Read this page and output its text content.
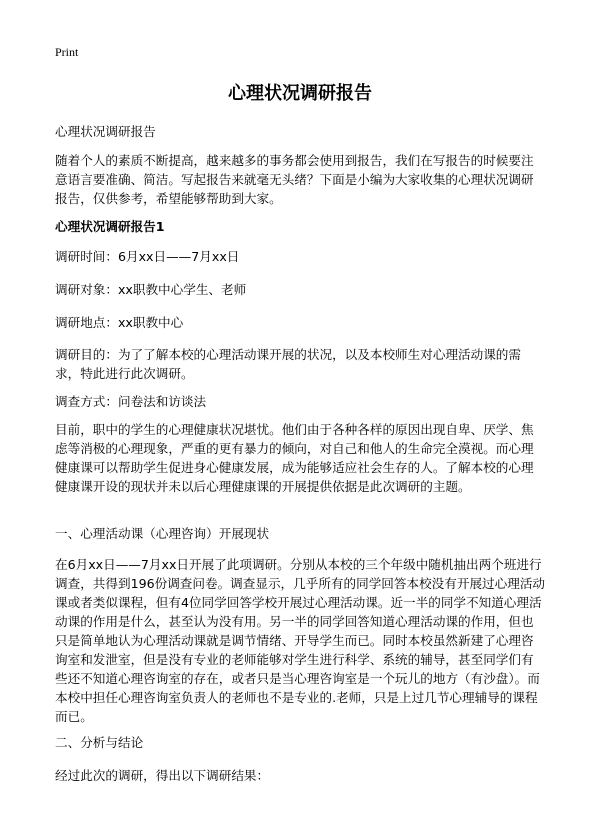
Print
心理状况调研报告

心理状况调研报告

随着个人的素质不断提高，越来越多的事务都会使用到报告，我们在写报告的时候要注意语言要准确、简洁。写起报告来就毫无头绪？下面是小编为大家收集的心理状况调研报告，仅供参考，希望能够帮助到大家。

心理状况调研报告1

调研时间：6月xx日——7月xx日

调研对象：xx职教中心学生、老师

调研地点：xx职教中心

调研目的：为了了解本校的心理活动课开展的状况，以及本校师生对心理活动课的需求，特此进行此次调研。

调查方式：问卷法和访谈法

目前，职中的学生的心理健康状况堪忧。他们由于各种各样的原因出现自卑、厌学、焦虑等消极的心理现象，严重的更有暴力的倾向，对自己和他人的生命完全漠视。而心理健康课可以帮助学生促进身心健康发展，成为能够适应社会生存的人。了解本校的心理健康课开设的现状并未以后心理健康课的开展提供依据是此次调研的主题。

一、心理活动课（心理咨询）开展现状

在6月xx日——7月xx日开展了此项调研。分别从本校的三个年级中随机抽出两个班进行调查，共得到196份调查问卷。调查显示，几乎所有的同学回答本校没有开展过心理活动课或者类似课程，但有4位同学回答学校开展过心理活动课。近一半的同学不知道心理活动课的作用是什么，甚至认为没有用。另一半的同学回答知道心理活动课的作用，但也只是简单地认为心理活动课就是调节情绪、开导学生而已。同时本校虽然新建了心理咨询室和发泄室，但是没有专业的老师能够对学生进行科学、系统的辅导，甚至同学们有些还不知道心理咨询室的存在，或者只是当心理咨询室是一个玩儿的地方（有沙盘）。而本校中担任心理咨询室负责人的老师也不是专业的.老师，只是上过几节心理辅导的课程而已。

二、分析与结论

经过此次的调研，得出以下调研结果：
